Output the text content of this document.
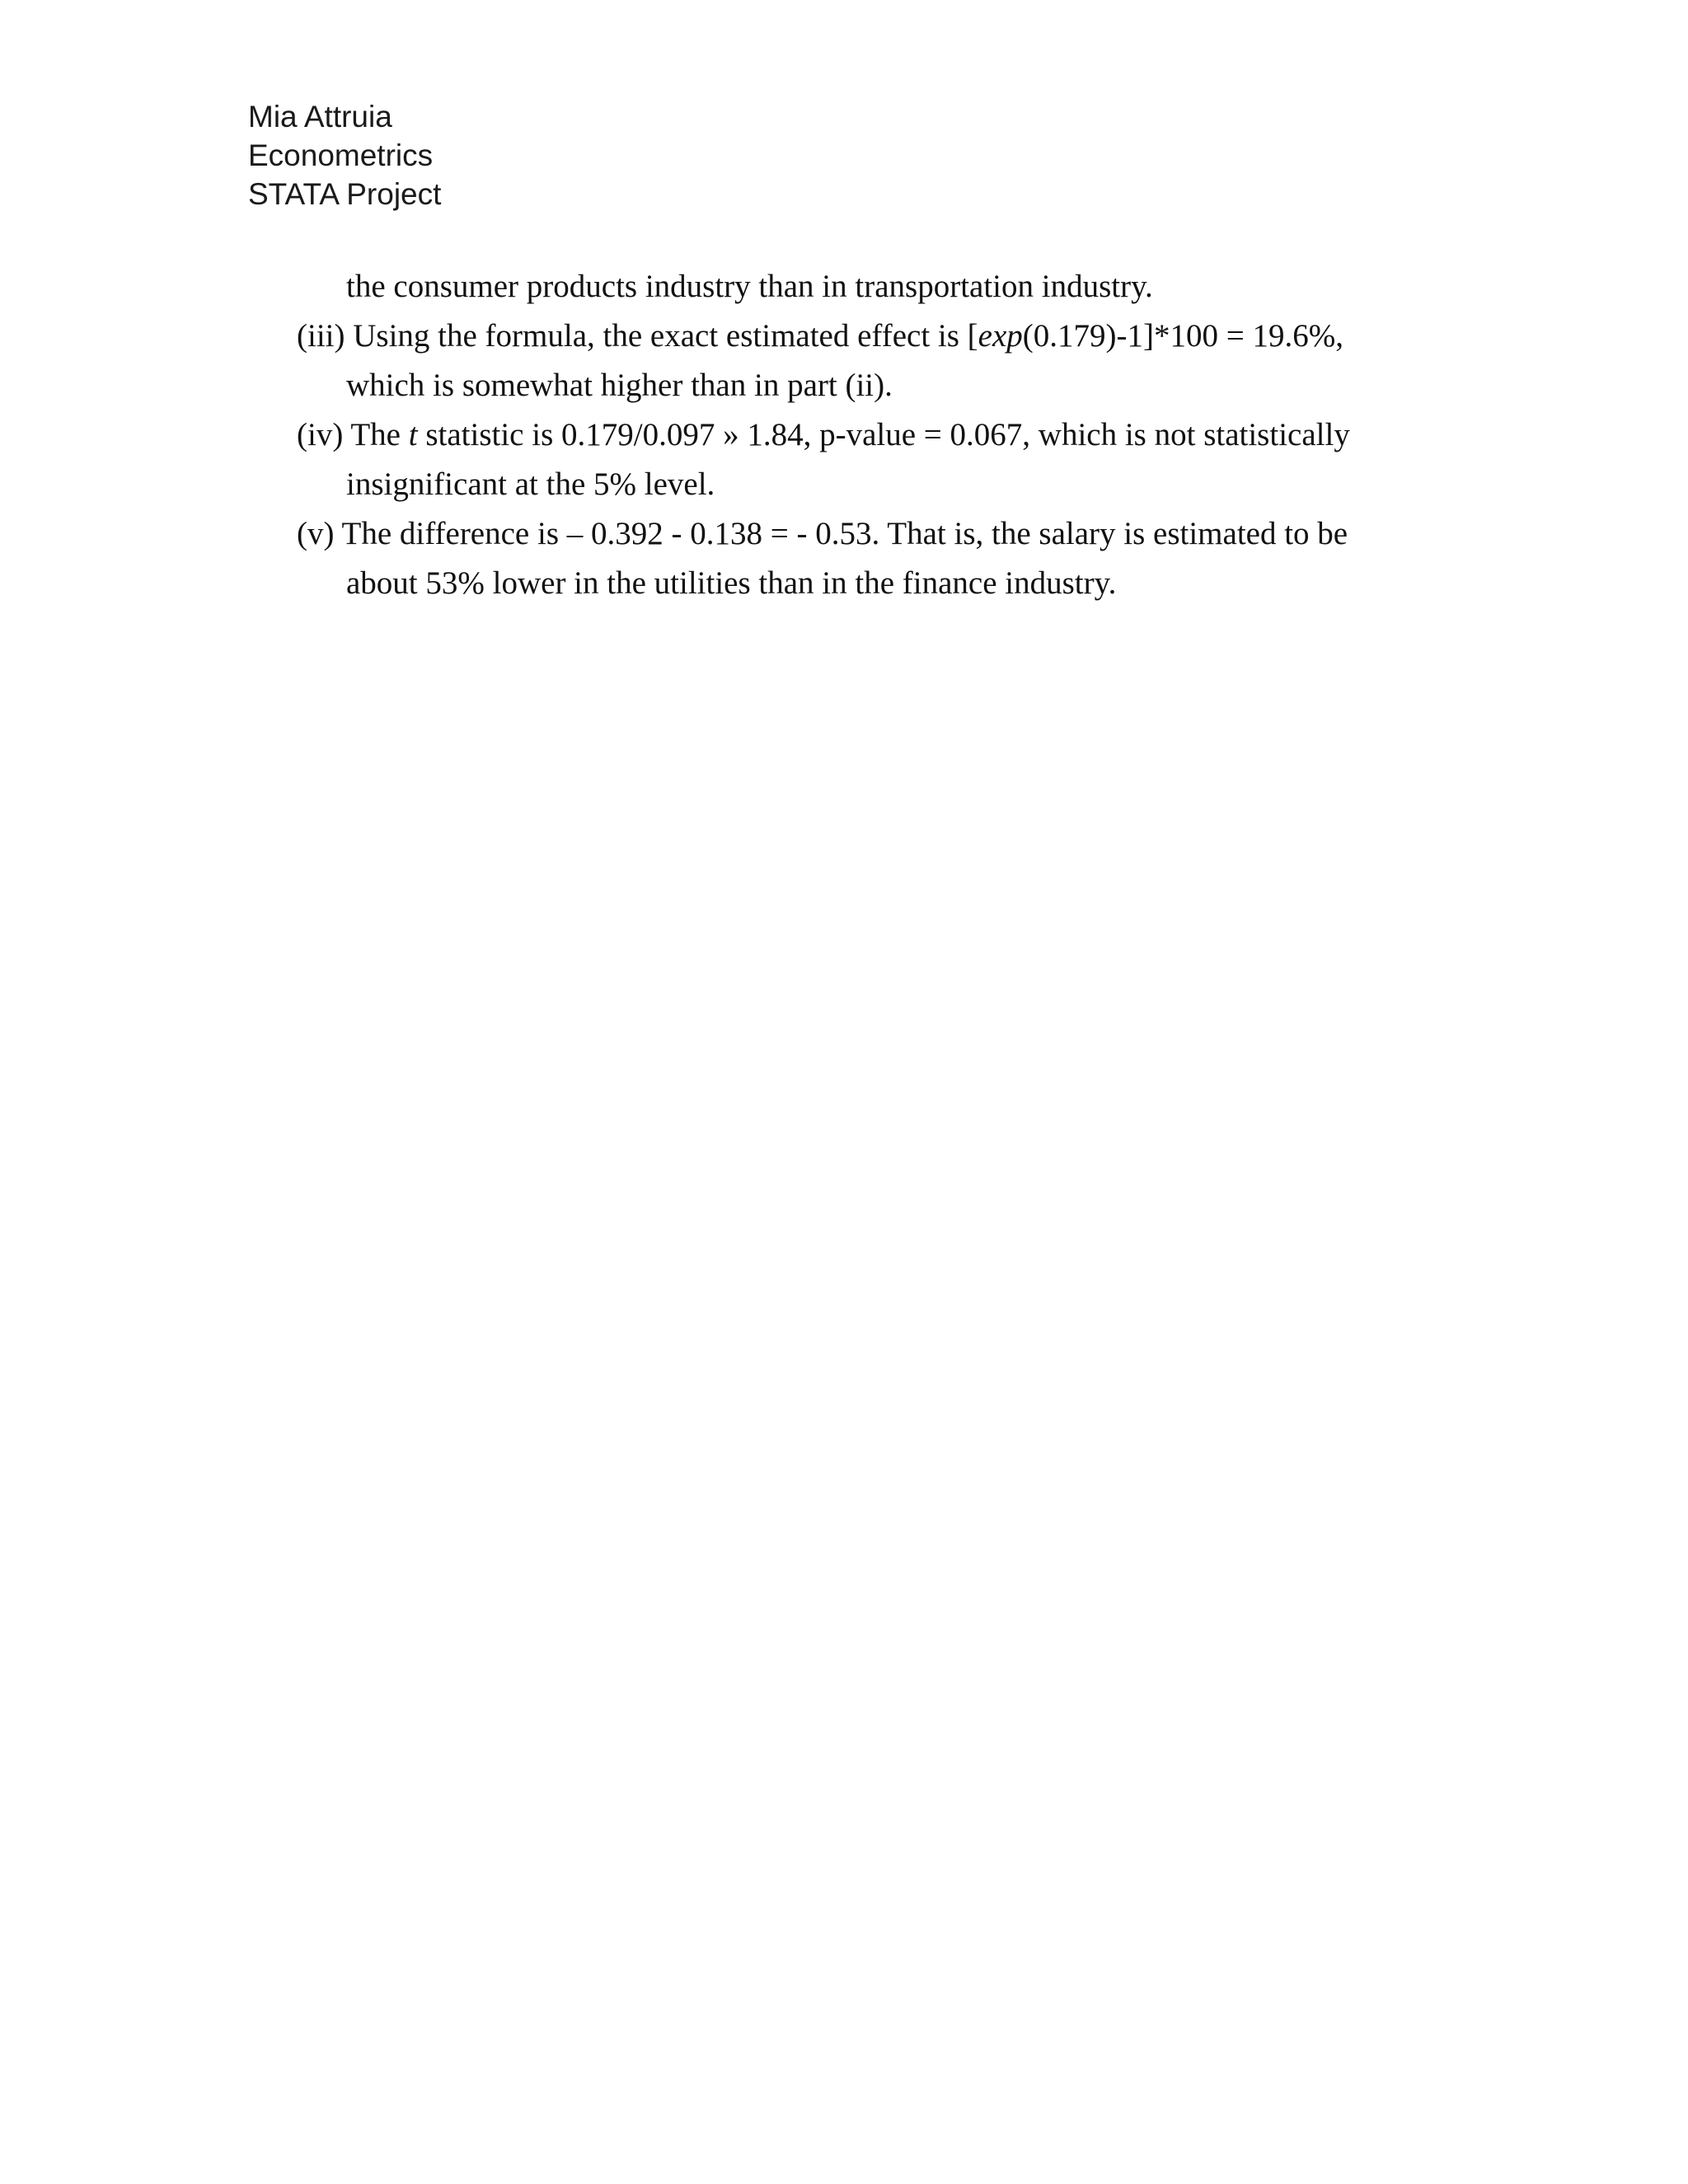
Mia Attruia
Econometrics
STATA Project
the consumer products industry than in transportation industry.
(iii) Using the formula, the exact estimated effect is [exp(0.179)-1]*100 = 19.6%,
which is somewhat higher than in part (ii).
(iv) The t statistic is 0.179/0.097 » 1.84, p-value = 0.067, which is not statistically
insignificant at the 5% level.
(v) The difference is – 0.392 - 0.138 = - 0.53. That is, the salary is estimated to be
about 53% lower in the utilities than in the finance industry.
